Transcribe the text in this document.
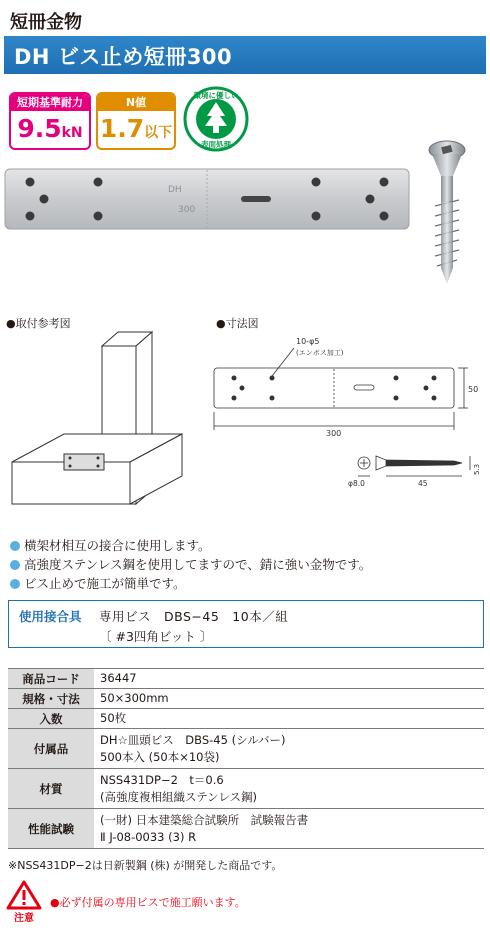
短冊金物
DH ビス止め短冊300
短期基準耐力
9.5kN
N値
1.7以下
環境に優しい
表面処理
DH
300
●取付参考図	●寸法図
10-φ5
(エンボス加工)
50
300
φ8.0	45
5.3
横架材相互の接合に使用します。
高強度ステンレス鋼を使用してますので、錆に強い金物です。
ビス止めで施工が簡単です。
使用接合具 専用ビス　DBS−45　10本／組
〔 #3四角ビット 〕
商品コード	36447

規格・寸法	50×300mm

入数	50枚

付属品	DH☆皿頭ビス　DBS-45 (シルバー)
500本入 (50本×10袋)

材質	NSS431DP−2　t＝0.6
(高強度複相組織ステンレス鋼)

性能試験	(一財) 日本建築総合試験所　試験報告書
Ⅱ J-08-0033 (3) R
※NSS431DP−2は日新製鋼 (株) が開発した商品です。
注意
●必ず付属の専用ビスで施工願います。
